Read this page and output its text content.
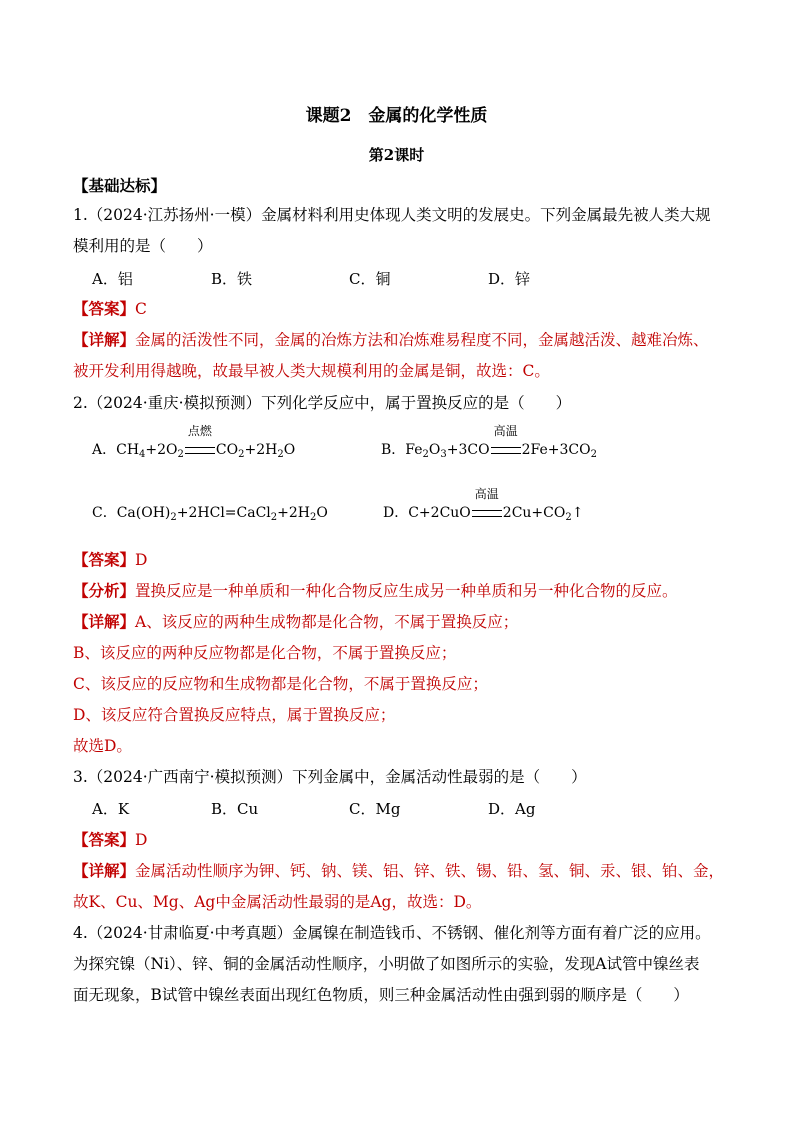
课题2　金属的化学性质
第2课时
【基础达标】
1.（2024·江苏扬州·一模）金属材料利用史体现人类文明的发展史。下列金属最先被人类大规
模利用的是（　　）
A．铝	B．铁	C．铜	D．锌
【答案】C
【详解】金属的活泼性不同，金属的冶炼方法和冶炼难易程度不同，金属越活泼、越难冶炼、
被开发利用得越晚，故最早被人类大规模利用的金属是铜，故选：C。
2.（2024·重庆·模拟预测）下列化学反应中，属于置换反应的是（　　）
A．$CH_4+2O_2$
点燃
$CO_2+2H_2O$	B．$Fe_2O_3+3CO$
高温
$2Fe+3CO_2$
C．$Ca(OH)_2+2HCl=CaCl_2+2H_2O$	D．C+2CuO
高温
$2Cu+CO_2↑$
【答案】D
【分析】置换反应是一种单质和一种化合物反应生成另一种单质和另一种化合物的反应。
【详解】A、该反应的两种生成物都是化合物，不属于置换反应；
B、该反应的两种反应物都是化合物，不属于置换反应；
C、该反应的反应物和生成物都是化合物，不属于置换反应；
D、该反应符合置换反应特点，属于置换反应；
故选D。
3.（2024·广西南宁·模拟预测）下列金属中，金属活动性最弱的是（　　）
A．K	B．Cu	C．Mg	D．Ag
【答案】D
【详解】金属活动性顺序为钾、钙、钠、镁、铝、锌、铁、锡、铅、氢、铜、汞、银、铂、金，
故K、Cu、Mg、Ag中金属活动性最弱的是Ag，故选：D。
4.（2024·甘肃临夏·中考真题）金属镍在制造钱币、不锈钢、催化剂等方面有着广泛的应用。
为探究镍（Ni）、锌、铜的金属活动性顺序，小明做了如图所示的实验，发现A试管中镍丝表
面无现象，B试管中镍丝表面出现红色物质，则三种金属活动性由强到弱的顺序是（　　）
